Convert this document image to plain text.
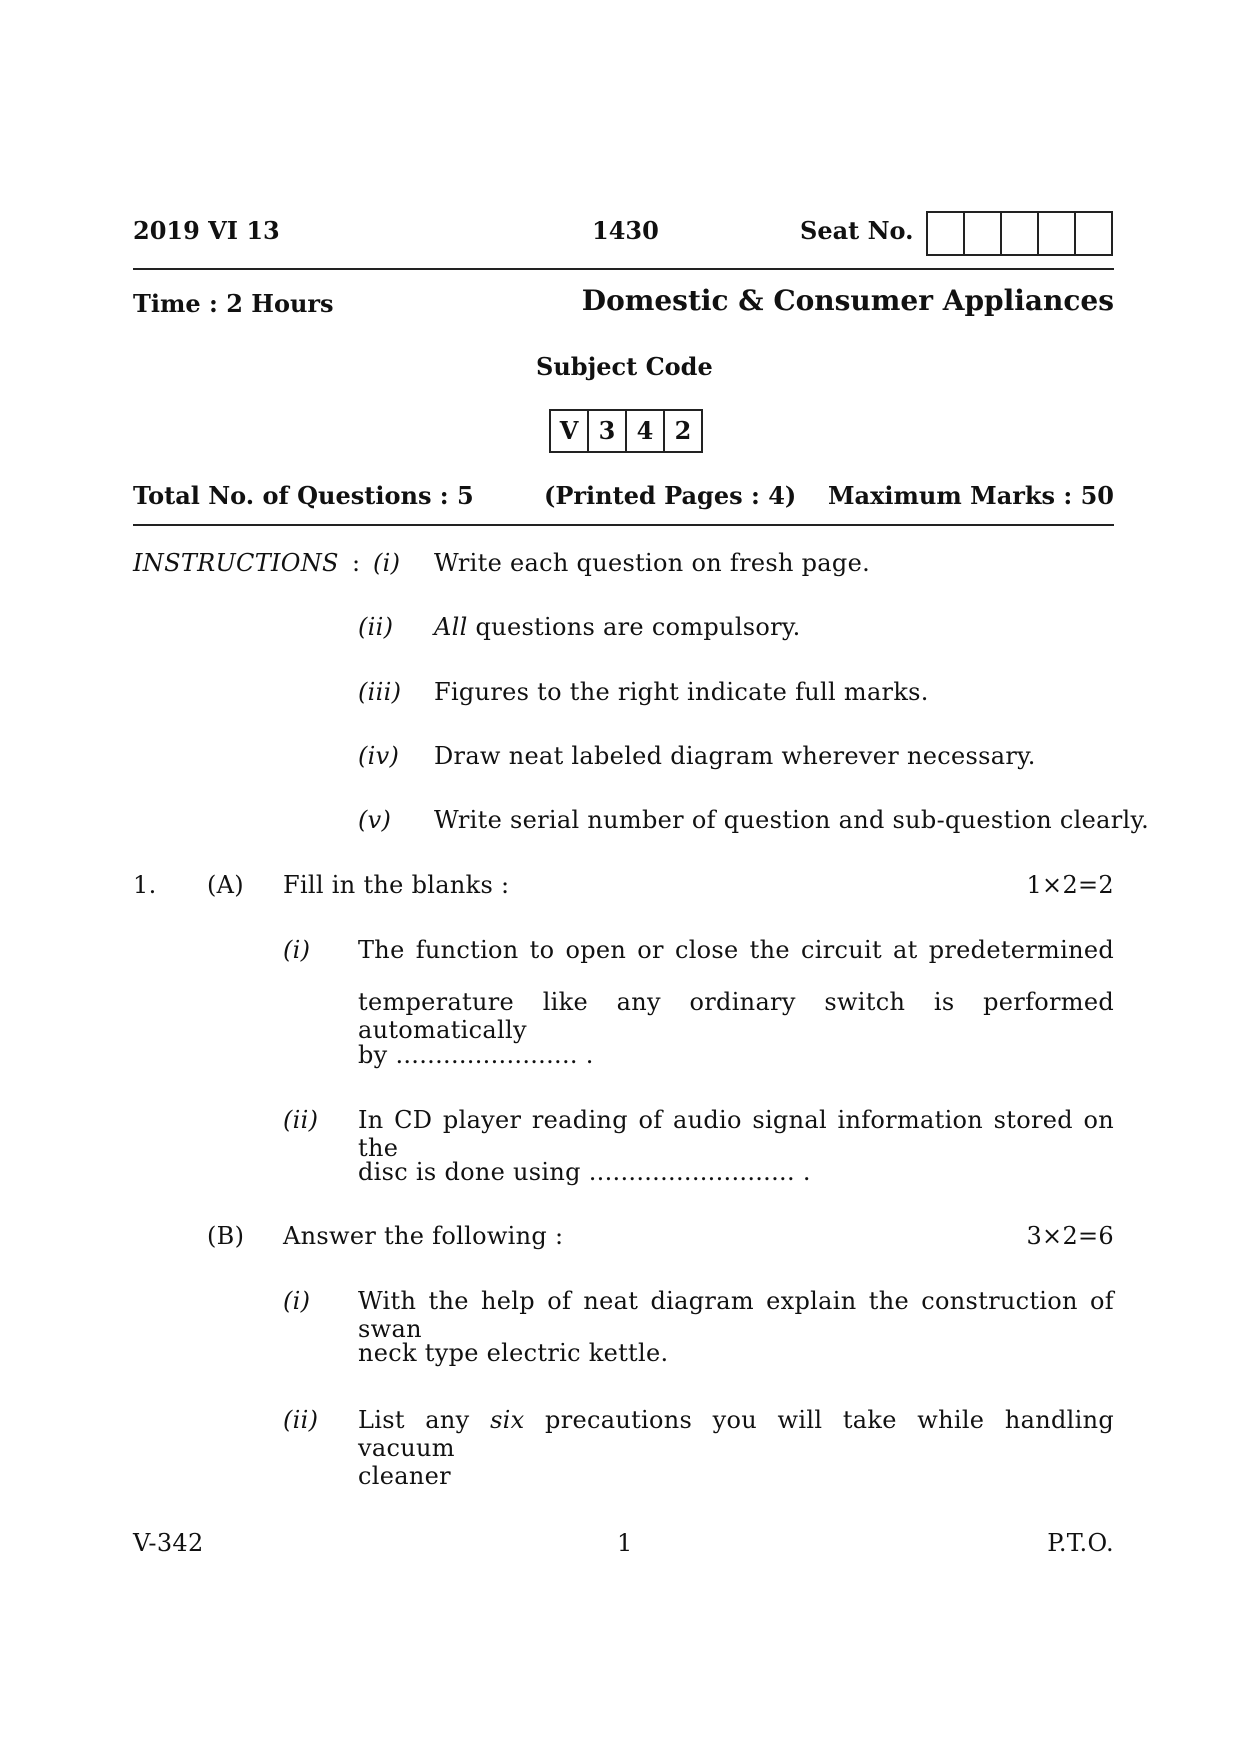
2019 VI 13	1430	Seat No.
Time : 2 Hours	Domestic & Consumer Appliances
Subject Code
V 3 4 2
Total No. of Questions : 5	(Printed Pages : 4) Maximum Marks : 50
INSTRUCTIONS : (i) Write each question on fresh page.
(ii) All questions are compulsory.
(iii) Figures to the right indicate full marks.
(iv) Draw neat labeled diagram wherever necessary.
(v) Write serial number of question and sub-question clearly.
1. (A) Fill in the blanks :	1×2=2
(i) The function to open or close the circuit at predetermined
temperature like any ordinary switch is performed automatically
by ....................... .
(ii) In CD player reading of audio signal information stored on the
disc is done using .......................... .
(B) Answer the following :	3×2=6
(i) With the help of neat diagram explain the construction of swan
neck type electric kettle.
(ii) List any six precautions you will take while handling vacuum
cleaner
V-342	1	P.T.O.
